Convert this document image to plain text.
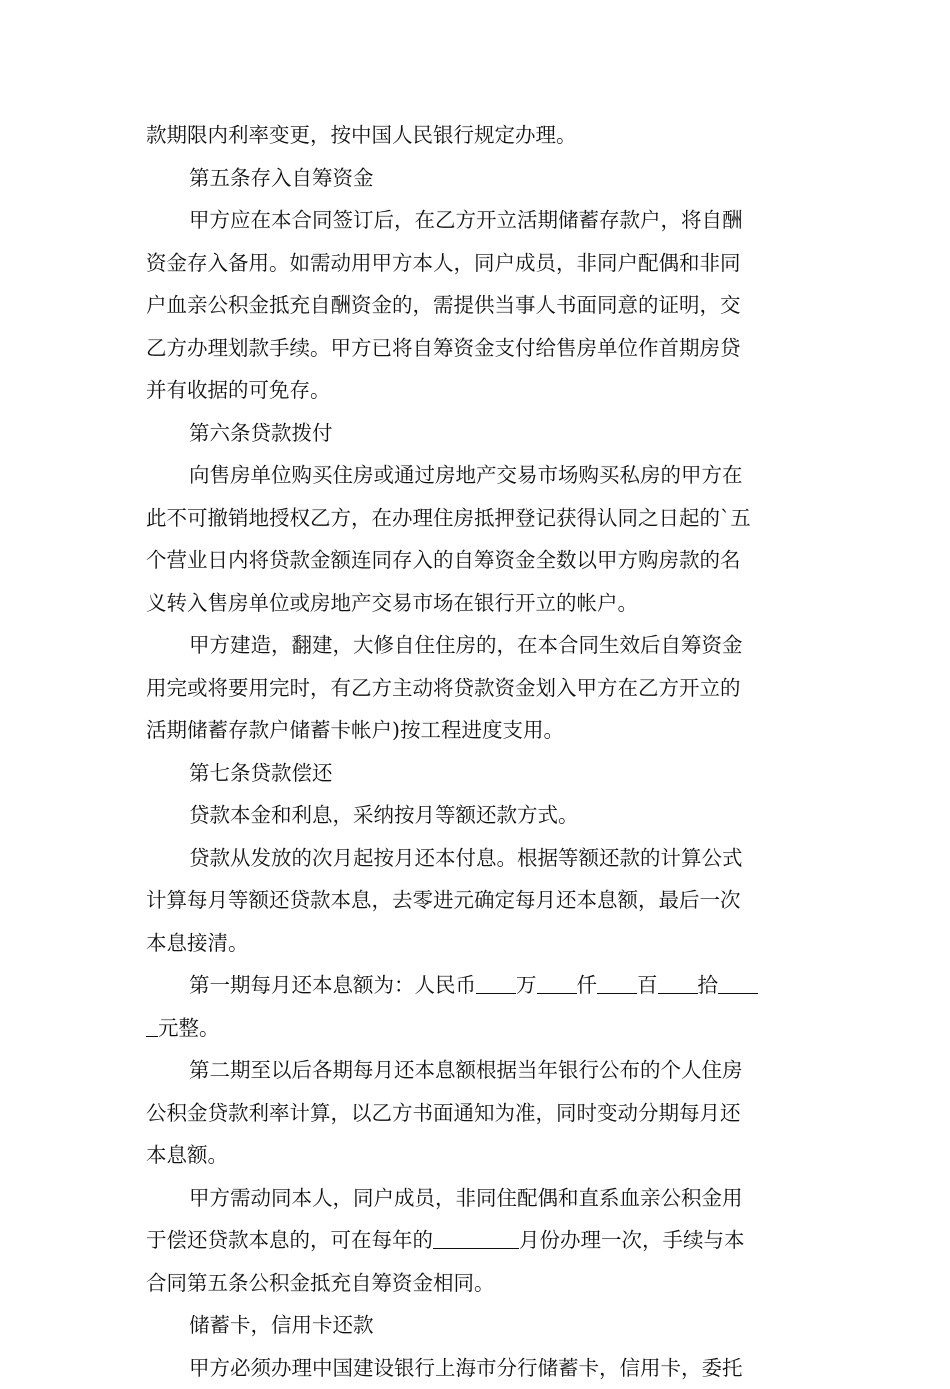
款期限内利率变更，按中国人民银行规定办理。
第五条存入自筹资金
甲方应在本合同签订后，在乙方开立活期储蓄存款户，将自酬
资金存入备用。如需动用甲方本人，同户成员，非同户配偶和非同
户血亲公积金抵充自酬资金的，需提供当事人书面同意的证明，交
乙方办理划款手续。甲方已将自筹资金支付给售房单位作首期房贷
并有收据的可免存。
第六条贷款拨付
向售房单位购买住房或通过房地产交易市场购买私房的甲方在
此不可撤销地授权乙方，在办理住房抵押登记获得认同之日起的`五
个营业日内将贷款金额连同存入的自筹资金全数以甲方购房款的名
义转入售房单位或房地产交易市场在银行开立的帐户。
甲方建造，翻建，大修自住住房的，在本合同生效后自筹资金
用完或将要用完时，有乙方主动将贷款资金划入甲方在乙方开立的
活期储蓄存款户储蓄卡帐户)按工程进度支用。
第七条贷款偿还
贷款本金和利息，采纳按月等额还款方式。
贷款从发放的次月起按月还本付息。根据等额还款的计算公式
计算每月等额还贷款本息，去零进元确定每月还本息额，最后一次
本息接清。
第一期每月还本息额为：人民币 万 仟 百 拾
元整。
第二期至以后各期每月还本息额根据当年银行公布的个人住房
公积金贷款利率计算，以乙方书面通知为准，同时变动分期每月还
本息额。
甲方需动同本人，同户成员，非同住配偶和直系血亲公积金用
于偿还贷款本息的，可在每年的	月份办理一次，手续与本
合同第五条公积金抵充自筹资金相同。
储蓄卡，信用卡还款
甲方必须办理中国建设银行上海市分行储蓄卡，信用卡，委托
